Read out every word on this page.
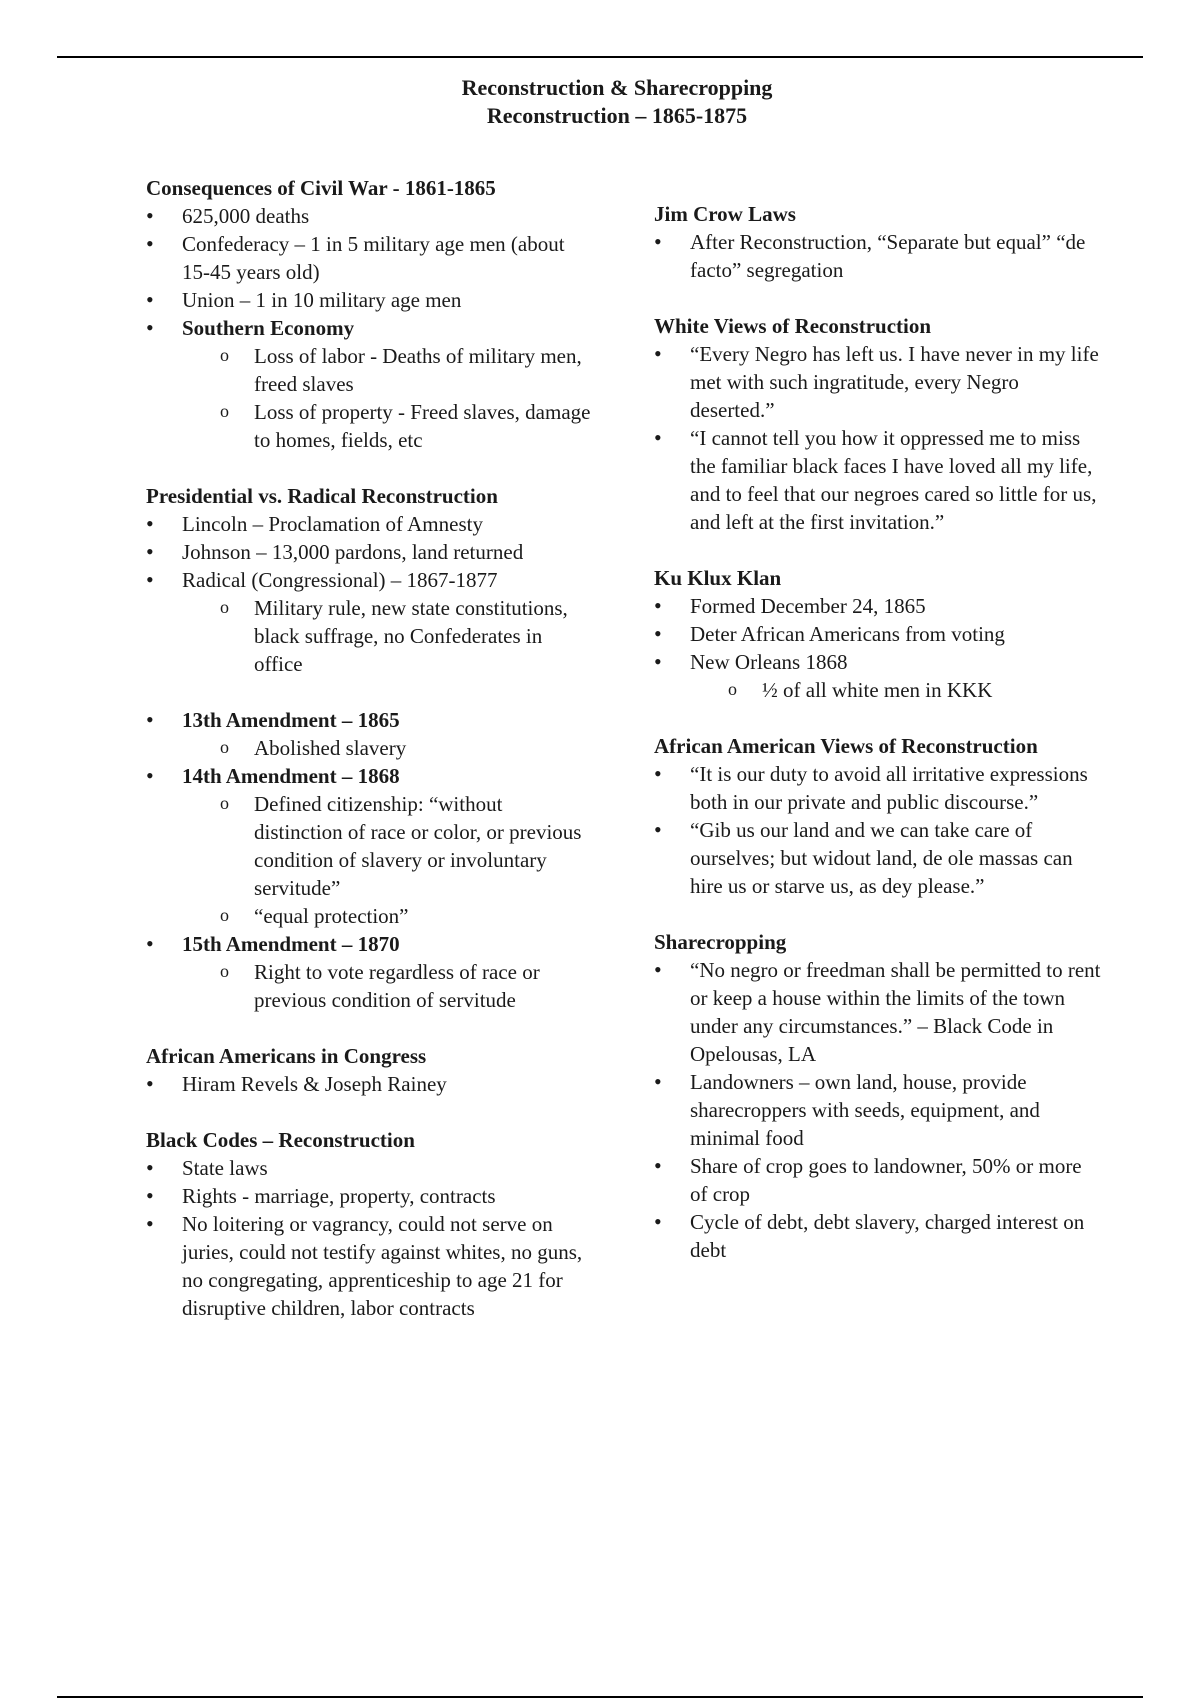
Reconstruction & Sharecropping
Reconstruction – 1865-1875
Consequences of Civil War - 1861-1865
• 625,000 deaths
• Confederacy – 1 in 5 military age men (about 15-45 years old)
• Union – 1 in 10 military age men
• Southern Economy
o Loss of labor - Deaths of military men, freed slaves
o Loss of property - Freed slaves, damage to homes, fields, etc
Presidential vs. Radical Reconstruction
• Lincoln – Proclamation of Amnesty
• Johnson – 13,000 pardons, land returned
• Radical (Congressional) – 1867-1877
o Military rule, new state constitutions, black suffrage, no Confederates in office
• 13th Amendment – 1865
o Abolished slavery
• 14th Amendment – 1868
o Defined citizenship: “without distinction of race or color, or previous condition of slavery or involuntary servitude”
o “equal protection”
• 15th Amendment – 1870
o Right to vote regardless of race or previous condition of servitude
African Americans in Congress
• Hiram Revels & Joseph Rainey
Black Codes – Reconstruction
• State laws
• Rights - marriage, property, contracts
• No loitering or vagrancy, could not serve on juries, could not testify against whites, no guns, no congregating, apprenticeship to age 21 for disruptive children, labor contracts
Jim Crow Laws
• After Reconstruction, “Separate but equal” “de facto” segregation
White Views of Reconstruction
• “Every Negro has left us. I have never in my life met with such ingratitude, every Negro deserted.”
• “I cannot tell you how it oppressed me to miss the familiar black faces I have loved all my life, and to feel that our negroes cared so little for us, and left at the first invitation.”
Ku Klux Klan
• Formed December 24, 1865
• Deter African Americans from voting
• New Orleans 1868
o ½ of all white men in KKK
African American Views of Reconstruction
• “It is our duty to avoid all irritative expressions both in our private and public discourse.”
• “Gib us our land and we can take care of ourselves; but widout land, de ole massas can hire us or starve us, as dey please.”
Sharecropping
• “No negro or freedman shall be permitted to rent or keep a house within the limits of the town under any circumstances.” – Black Code in Opelousas, LA
• Landowners – own land, house, provide sharecroppers with seeds, equipment, and minimal food
• Share of crop goes to landowner, 50% or more of crop
• Cycle of debt, debt slavery, charged interest on debt
